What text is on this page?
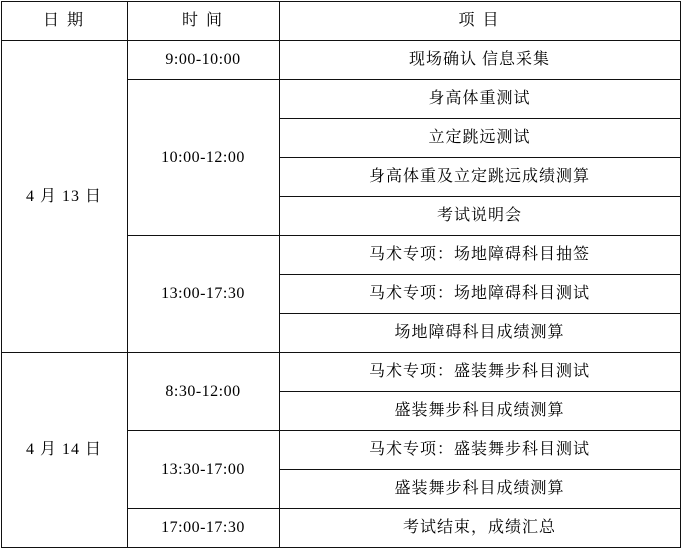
日 期	时 间	项 目
4 月 13 日	9:00-10:00	现场确认 信息采集
	10:00-12:00	身高体重测试
		立定跳远测试
		身高体重及立定跳远成绩测算
		考试说明会
	13:00-17:30	马术专项：场地障碍科目抽签
		马术专项：场地障碍科目测试
		场地障碍科目成绩测算
4 月 14 日	8:30-12:00	马术专项：盛装舞步科目测试
		盛装舞步科目成绩测算
	13:30-17:00	马术专项：盛装舞步科目测试
		盛装舞步科目成绩测算
	17:00-17:30	考试结束，成绩汇总
